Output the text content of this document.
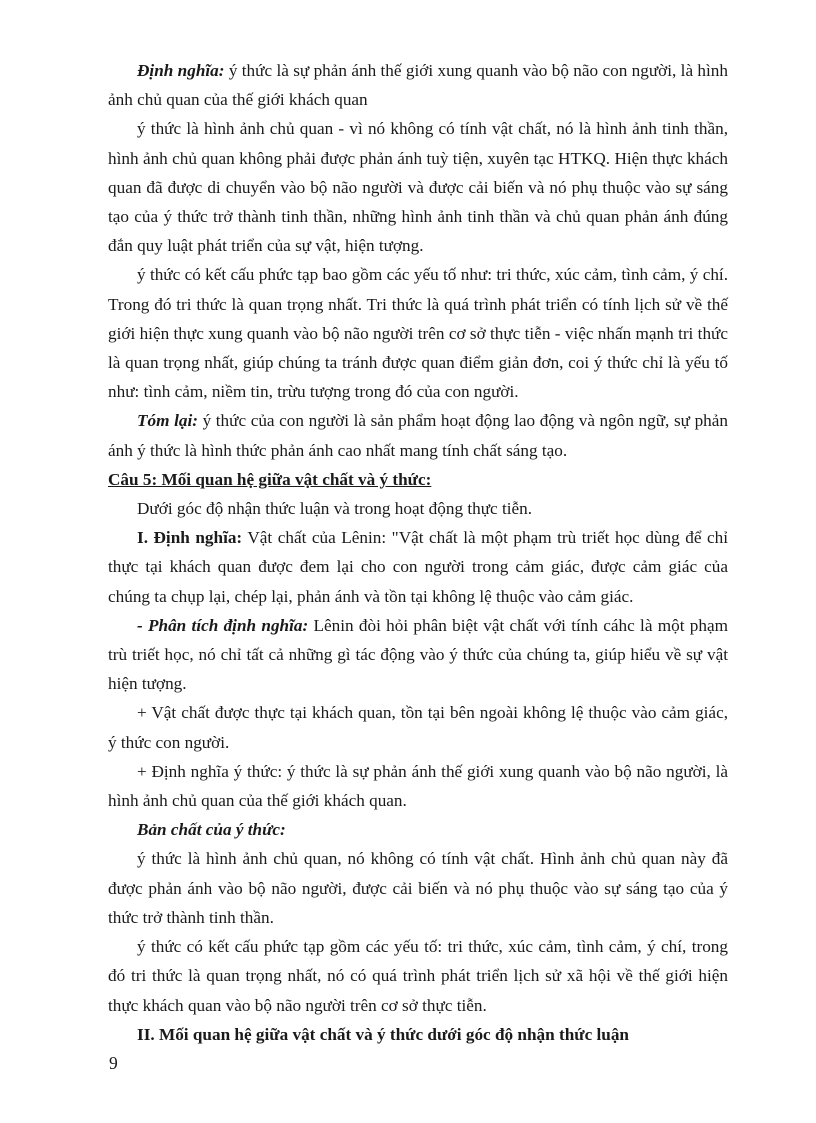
Định nghĩa: ý thức là sự phản ánh thế giới xung quanh vào bộ não con người, là hình ảnh chủ quan của thế giới khách quan

ý thức là hình ảnh chủ quan - vì nó không có tính vật chất, nó là hình ảnh tinh thần, hình ảnh chủ quan không phải được phản ánh tuỳ tiện, xuyên tạc HTKQ. Hiện thực khách quan đã được di chuyển vào bộ não người và được cải biến và nó phụ thuộc vào sự sáng tạo của ý thức trở thành tinh thần, những hình ảnh tinh thần và chủ quan phản ánh đúng đắn quy luật phát triển của sự vật, hiện tượng.

ý thức có kết cấu phức tạp bao gồm các yếu tố như: tri thức, xúc cảm, tình cảm, ý chí. Trong đó tri thức là quan trọng nhất. Tri thức là quá trình phát triển có tính lịch sử về thế giới hiện thực xung quanh vào bộ não người trên cơ sở thực tiễn - việc nhấn mạnh tri thức là quan trọng nhất, giúp chúng ta tránh được quan điểm giản đơn, coi ý thức chỉ là yếu tố như: tình cảm, niềm tin, trừu tượng trong đó của con người.

Tóm lại: ý thức của con người là sản phẩm hoạt động lao động và ngôn ngữ, sự phản ánh ý thức là hình thức phản ánh cao nhất mang tính chất sáng tạo.

Câu 5: Mối quan hệ giữa vật chất và ý thức:

Dưới góc độ nhận thức luận và trong hoạt động thực tiễn.

I. Định nghĩa: Vật chất của Lênin: "Vật chất là một phạm trù triết học dùng để chỉ thực tại khách quan được đem lại cho con người trong cảm giác, được cảm giác của chúng ta chụp lại, chép lại, phản ánh và tồn tại không lệ thuộc vào cảm giác.

- Phân tích định nghĩa: Lênin đòi hỏi phân biệt vật chất với tính cáhc là một phạm trù triết học, nó chỉ tất cả những gì tác động vào ý thức của chúng ta, giúp hiểu về sự vật hiện tượng.

+ Vật chất được thực tại khách quan, tồn tại bên ngoài không lệ thuộc vào cảm giác, ý thức con người.

+ Định nghĩa ý thức: ý thức là sự phản ánh thế giới xung quanh vào bộ não người, là hình ảnh chủ quan của thế giới khách quan.

Bản chất của ý thức:

ý thức là hình ảnh chủ quan, nó không có tính vật chất. Hình ảnh chủ quan này đã được phản ánh vào bộ não người, được cải biến và nó phụ thuộc vào sự sáng tạo của ý thức trở thành tinh thần.

ý thức có kết cấu phức tạp gồm các yếu tố: tri thức, xúc cảm, tình cảm, ý chí, trong đó tri thức là quan trọng nhất, nó có quá trình phát triển lịch sử xã hội về thế giới hiện thực khách quan vào bộ não người trên cơ sở thực tiễn.

II. Mối quan hệ giữa vật chất và ý thức dưới góc độ nhận thức luận

9
